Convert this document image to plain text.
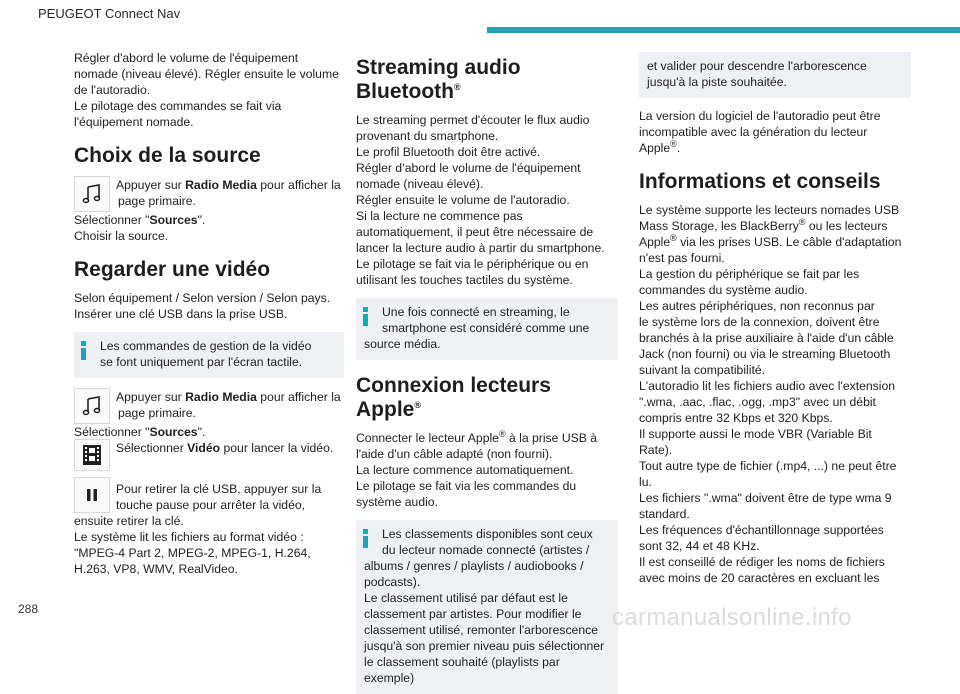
PEUGEOT Connect Nav

Régler d'abord le volume de l'équipement

nomade (niveau élevé). Régler ensuite le volume

de l'autoradio.

Le pilotage des commandes se fait via

l'équipement nomade.

Choix de la source

Appuyer sur Radio Media pour afficher la

page primaire.

Sélectionner "Sources".

Choisir la source.

Regarder une vidéo

Selon équipement / Selon version / Selon pays.

Insérer une clé USB dans la prise USB.

Les commandes de gestion de la vidéo

se font uniquement par l'écran tactile.

Appuyer sur Radio Media pour afficher la

page primaire.

Sélectionner "Sources".

Sélectionner Vidéo pour lancer la vidéo.

Pour retirer la clé USB, appuyer sur la

touche pause pour arrêter la vidéo,

ensuite retirer la clé.

Le système lit les fichiers au format vidéo :

"MPEG-4 Part 2, MPEG-2, MPEG-1, H.264,

H.263, VP8, WMV, RealVideo.

Streaming audio Bluetooth®

Le streaming permet d'écouter le flux audio

provenant du smartphone.

Le profil Bluetooth doit être activé.

Régler d’abord le volume de l'équipement

nomade (niveau élevé).

Régler ensuite le volume de l'autoradio.

Si la lecture ne commence pas

automatiquement, il peut être nécessaire de

lancer la lecture audio à partir du smartphone.

Le pilotage se fait via le périphérique ou en

utilisant les touches tactiles du système.

Une fois connecté en streaming, le

smartphone est considéré comme une

source média.

Connexion lecteurs Apple®

Connecter le lecteur Apple® à la prise USB à

l'aide d'un câble adapté (non fourni).

La lecture commence automatiquement.

Le pilotage se fait via les commandes du

système audio.

Les classements disponibles sont ceux

du lecteur nomade connecté (artistes /

albums / genres / playlists / audiobooks /

podcasts).

Le classement utilisé par défaut est le

classement par artistes. Pour modifier le

classement utilisé, remonter l'arborescence

jusqu'à son premier niveau puis sélectionner

le classement souhaité (playlists par exemple)

et valider pour descendre l'arborescence

jusqu'à la piste souhaitée.

La version du logiciel de l'autoradio peut être

incompatible avec la génération du lecteur

Apple®.

Informations et conseils

Le système supporte les lecteurs nomades USB

Mass Storage, les BlackBerry® ou les lecteurs

Apple® via les prises USB. Le câble d'adaptation

n'est pas fourni.

La gestion du périphérique se fait par les

commandes du système audio.

Les autres périphériques, non reconnus par

le système lors de la connexion, doivent être

branchés à la prise auxiliaire à l'aide d'un câble

Jack (non fourni) ou via le streaming Bluetooth

suivant la compatibilité.

L'autoradio lit les fichiers audio avec l'extension

".wma, .aac, .flac, .ogg, .mp3" avec un débit

compris entre 32 Kbps et 320 Kbps.

Il supporte aussi le mode VBR (Variable Bit

Rate).

Tout autre type de fichier (.mp4, ...) ne peut être

lu.

Les fichiers ".wma" doivent être de type wma 9

standard.

Les fréquences d'échantillonnage supportées

sont 32, 44 et 48 KHz.

Il est conseillé de rédiger les noms de fichiers

avec moins de 20 caractères en excluant les

288	carmanualsonline.info
